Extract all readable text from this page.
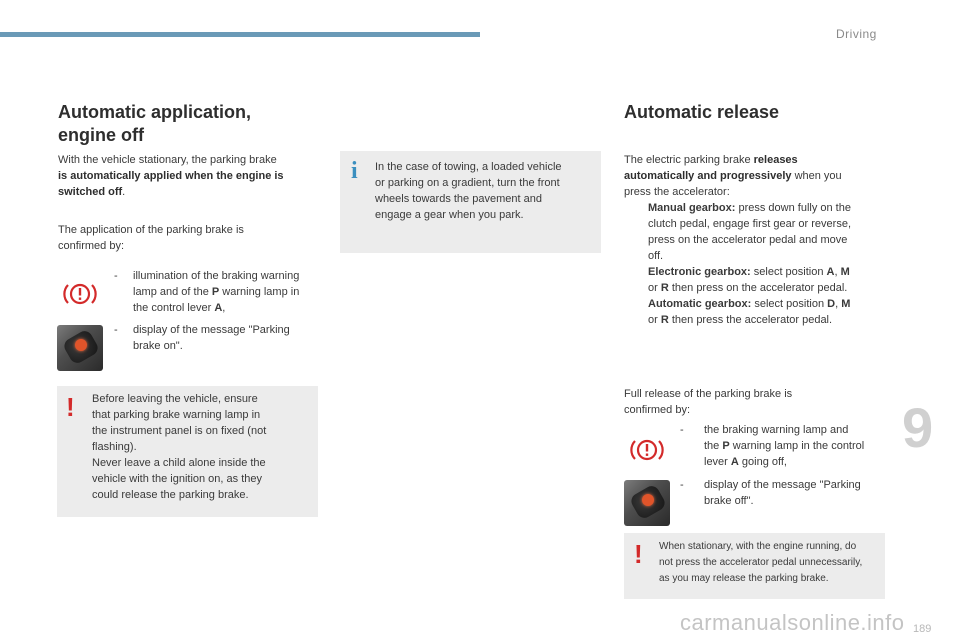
Driving
9
189
carmanualsonline.info
Automatic application,
engine off

With the vehicle stationary, the parking brake

is automatically applied when the engine is

switched off.

The application of the parking brake is

confirmed by:

- illumination of the braking warning
lamp and of the P warning lamp in
the control lever A,
- display of the message "Parking
brake on".
! Before leaving the vehicle, ensure

that parking brake warning lamp in

the instrument panel is on fixed (not

flashing).

Never leave a child alone inside the

vehicle with the ignition on, as they

could release the parking brake.

i In the case of towing, a loaded vehicle

or parking on a gradient, turn the front

wheels towards the pavement and

engage a gear when you park.

Automatic release

The electric parking brake releases

automatically and progressively when you

press the accelerator:

Manual gearbox: press down fully on the
clutch pedal, engage first gear or reverse,
press on the accelerator pedal and move
off.
Electronic gearbox: select position A, M
or R then press on the accelerator pedal.
Automatic gearbox: select position D, M
or R then press the accelerator pedal.

Full release of the parking brake is

confirmed by:

- the braking warning lamp and
the P warning lamp in the control
lever A going off,
- display of the message "Parking
brake off".
! When stationary, with the engine running, do

not press the accelerator pedal unnecessarily,

as you may release the parking brake.
